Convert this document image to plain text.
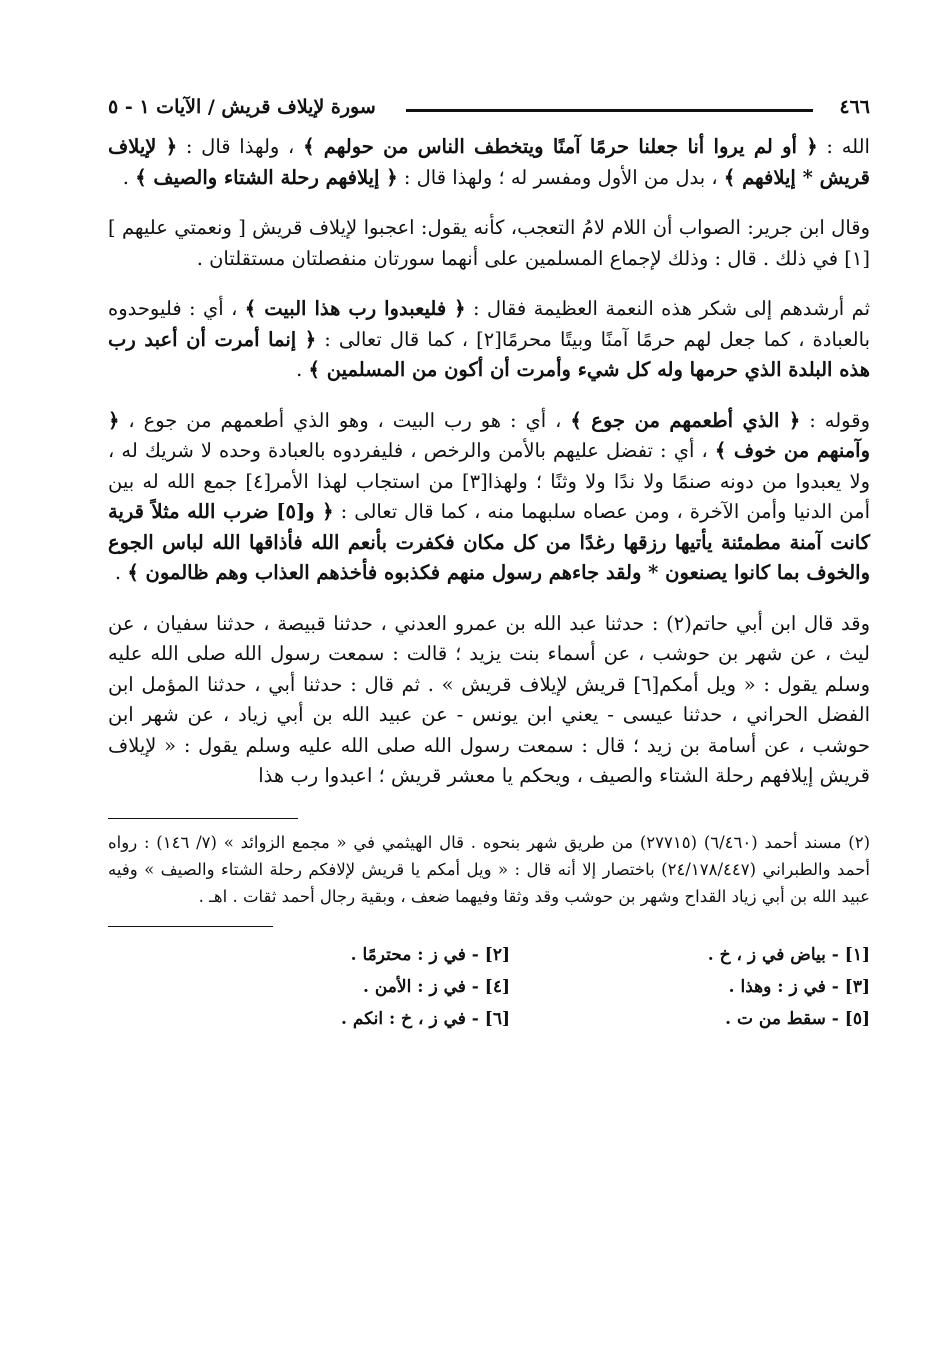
٤٦٦
سورة لإيلاف قريش / الآيات ١ - ٥

الله : ﴿ أو لم يروا أنا جعلنا حرمًا آمنًا ويتخطف الناس من حولهم ﴾ ، ولهذا قال : ﴿ لإيلاف قريش * إيلافهم ﴾ ، بدل من الأول ومفسر له ؛ ولهذا قال : ﴿ إيلافهم رحلة الشتاء والصيف ﴾ .

وقال ابن جرير: الصواب أن اللام لامُ التعجب، كأنه يقول: اعجبوا لإيلاف قريش [ ونعمتي عليهم ][١] في ذلك . قال : وذلك لإجماع المسلمين على أنهما سورتان منفصلتان مستقلتان .

ثم أرشدهم إلى شكر هذه النعمة العظيمة فقال : ﴿ فليعبدوا رب هذا البيت ﴾ ، أي : فليوحدوه بالعبادة ، كما جعل لهم حرمًا آمنًا وبيتًا محرمًا[٢] ، كما قال تعالى : ﴿ إنما أمرت أن أعبد رب هذه البلدة الذي حرمها وله كل شيء وأمرت أن أكون من المسلمين ﴾ .

وقوله : ﴿ الذي أطعمهم من جوع ﴾ ، أي : هو رب البيت ، وهو الذي أطعمهم من جوع ، ﴿ وآمنهم من خوف ﴾ ، أي : تفضل عليهم بالأمن والرخص ، فليفردوه بالعبادة وحده لا شريك له ، ولا يعبدوا من دونه صنمًا ولا ندًا ولا وثنًا ؛ ولهذا[٣] من استجاب لهذا الأمر[٤] جمع الله له بين أمن الدنيا وأمن الآخرة ، ومن عصاه سلبهما منه ، كما قال تعالى : ﴿ و[٥] ضرب الله مثلاً قرية كانت آمنة مطمئنة يأتيها رزقها رغدًا من كل مكان فكفرت بأنعم الله فأذاقها الله لباس الجوع والخوف بما كانوا يصنعون * ولقد جاءهم رسول منهم فكذبوه فأخذهم العذاب وهم ظالمون ﴾ .

وقد قال ابن أبي حاتم(٢) : حدثنا عبد الله بن عمرو العدني ، حدثنا قبيصة ، حدثنا سفيان ، عن ليث ، عن شهر بن حوشب ، عن أسماء بنت يزيد ؛ قالت : سمعت رسول الله صلى الله عليه وسلم يقول : « ويل أمكم[٦] قريش لإيلاف قريش » . ثم قال : حدثنا أبي ، حدثنا المؤمل ابن الفضل الحراني ، حدثنا عيسى - يعني ابن يونس - عن عبيد الله بن أبي زياد ، عن شهر ابن حوشب ، عن أسامة بن زيد ؛ قال : سمعت رسول الله صلى الله عليه وسلم يقول : « لإيلاف قريش إيلافهم رحلة الشتاء والصيف ، ويحكم يا معشر قريش ؛ اعبدوا رب هذا

(٢) مسند أحمد (٦/٤٦٠) (٢٧٧١٥) من طريق شهر بنحوه . قال الهيثمي في « مجمع الزوائد » (٧/ ١٤٦) : رواه أحمد والطبراني (٢٤/١٧٨/٤٤٧) باختصار إلا أنه قال : « ويل أمكم يا قريش لإلافكم رحلة الشتاء والصيف » وفيه عبيد الله بن أبي زياد القداح وشهر بن حوشب وقد وثقا وفيهما ضعف ، وبقية رجال أحمد ثقات . اهـ .

[١] - بياض في ز ، خ .
[٢] - في ز : محترمًا .
[٣] - في ز : وهذا .
[٤] - في ز : الأمن .
[٥] - سقط من ت .
[٦] - في ز ، خ : انكم .
